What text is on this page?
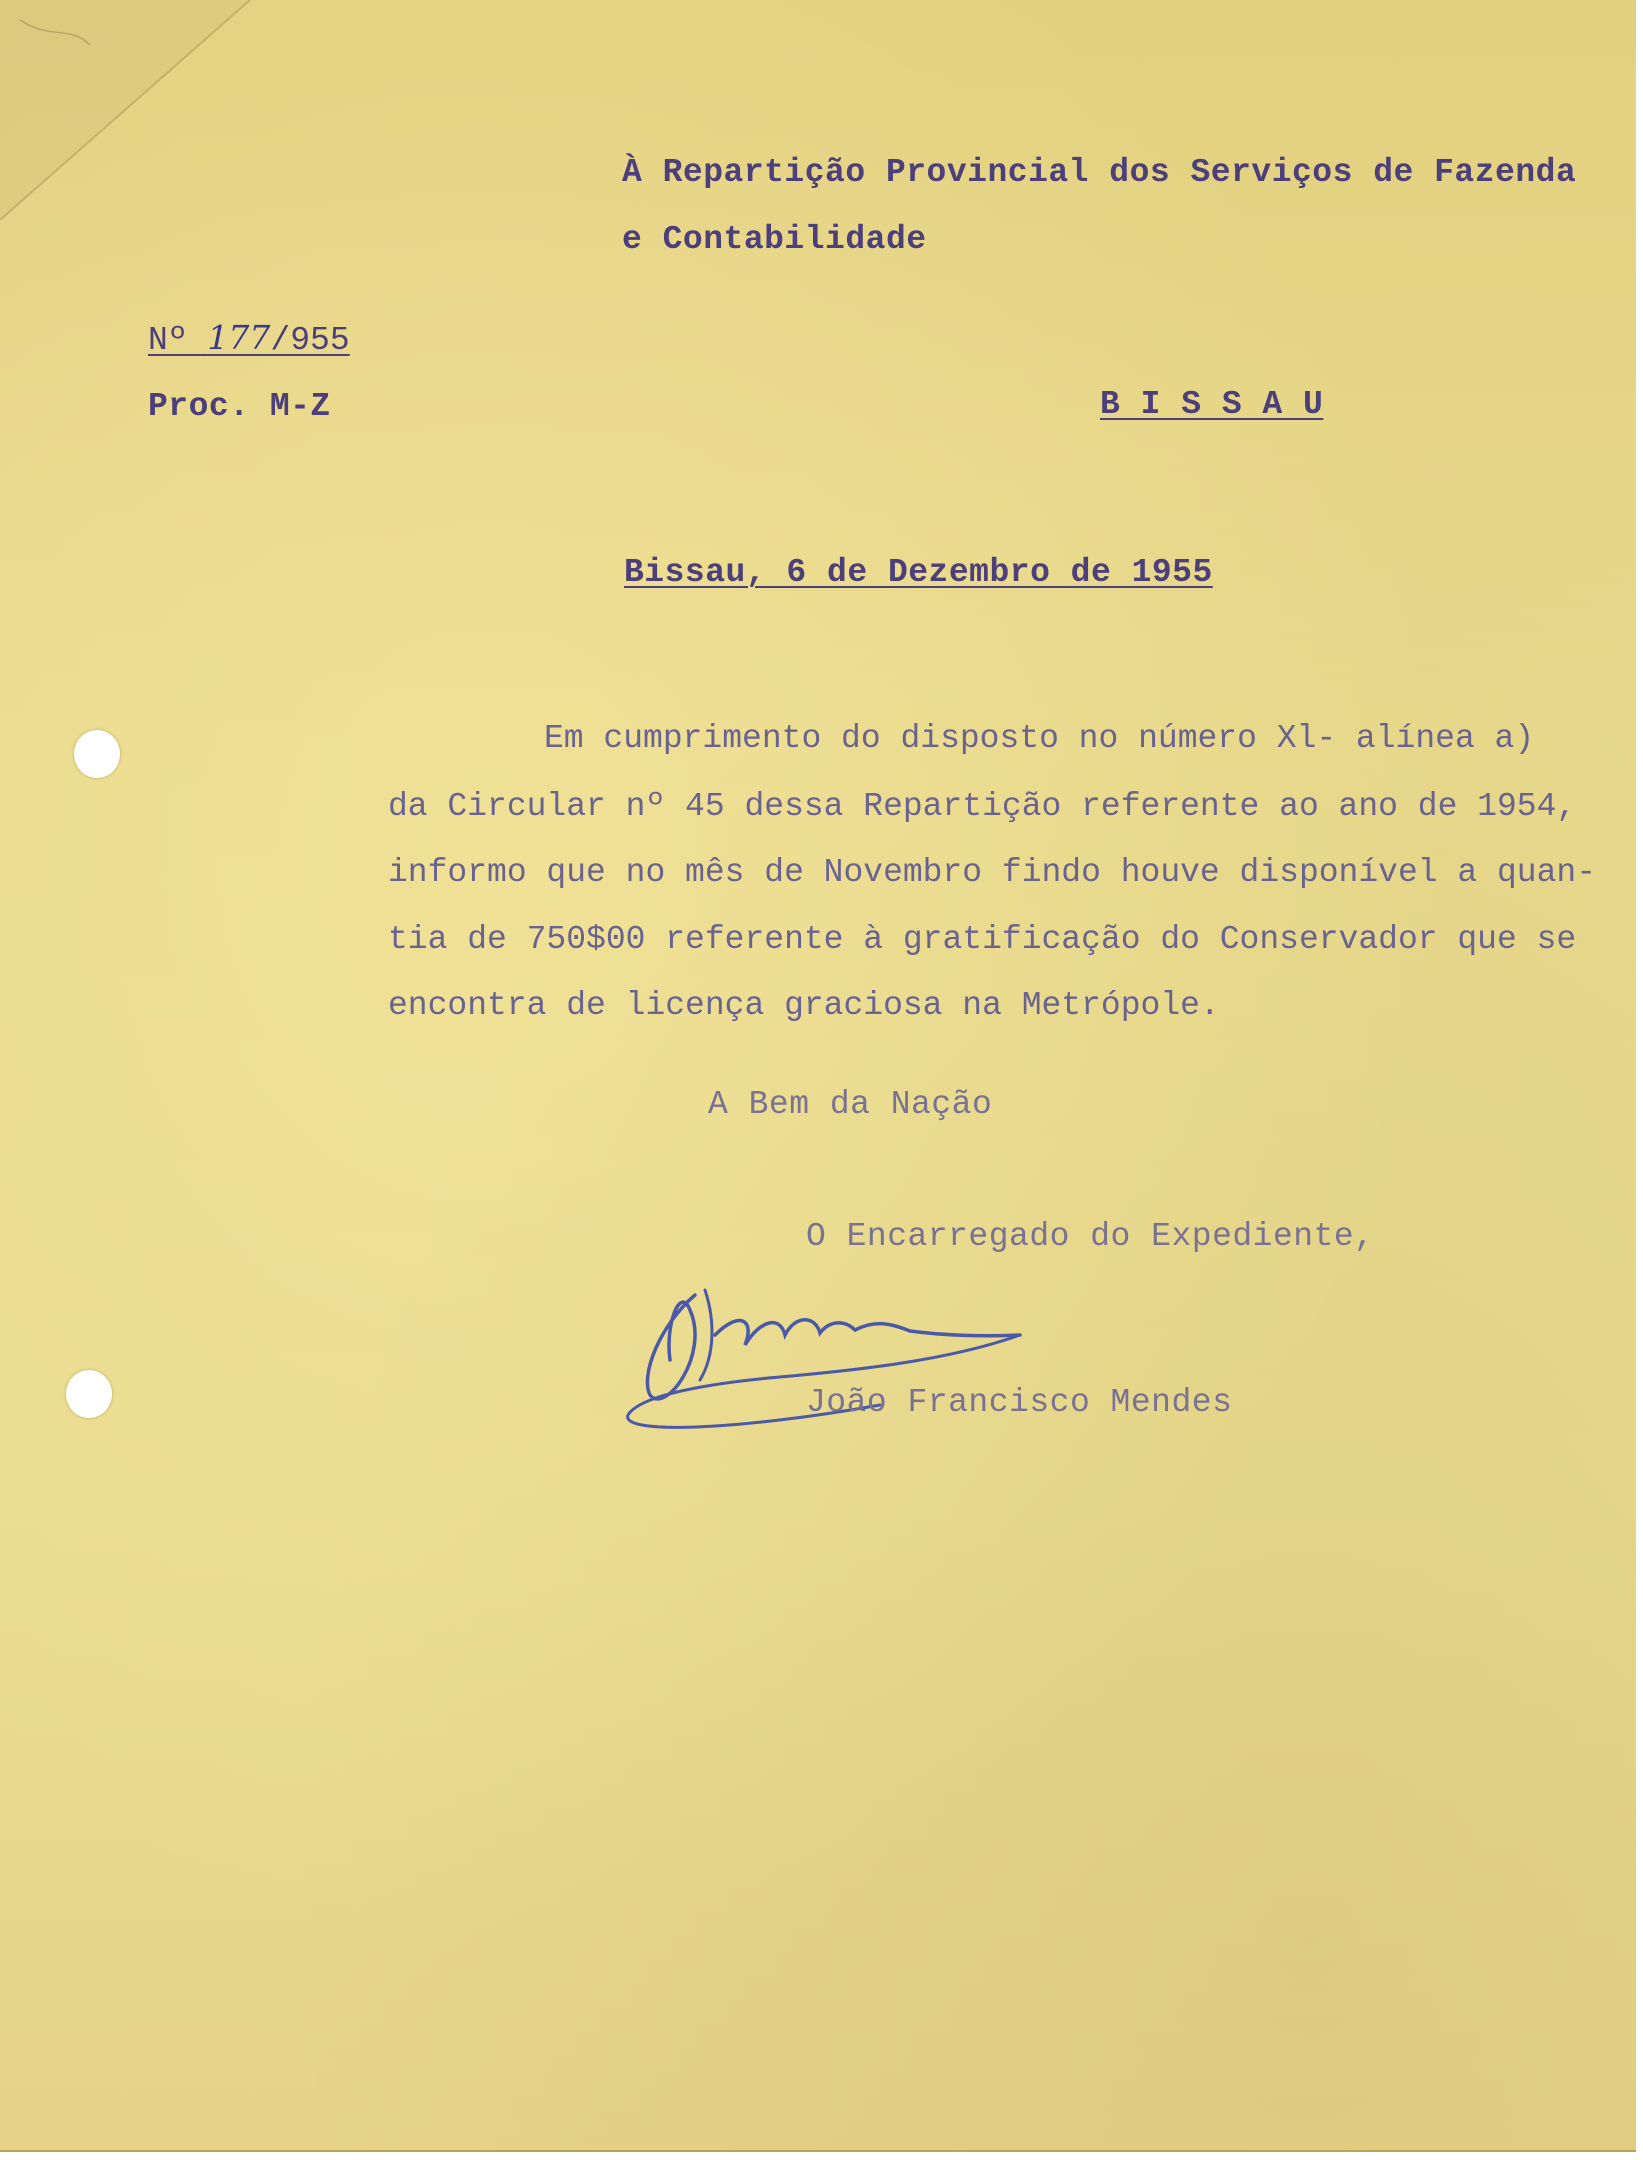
À Repartição Provincial dos Serviços de Fazenda
e Contabilidade
Nº 177/955
Proc. M-Z	B I S S A U
Bissau, 6 de Dezembro de 1955
Em cumprimento do disposto no número Xl- alínea a)
da Circular nº 45 dessa Repartição referente ao ano de 1954,
informo que no mês de Novembro findo houve disponível a quan-
tia de 750$00 referente à gratificação do Conservador que se
encontra de licença graciosa na Metrópole.
A Bem da Nação
O Encarregado do Expediente,
João Francisco Mendes
